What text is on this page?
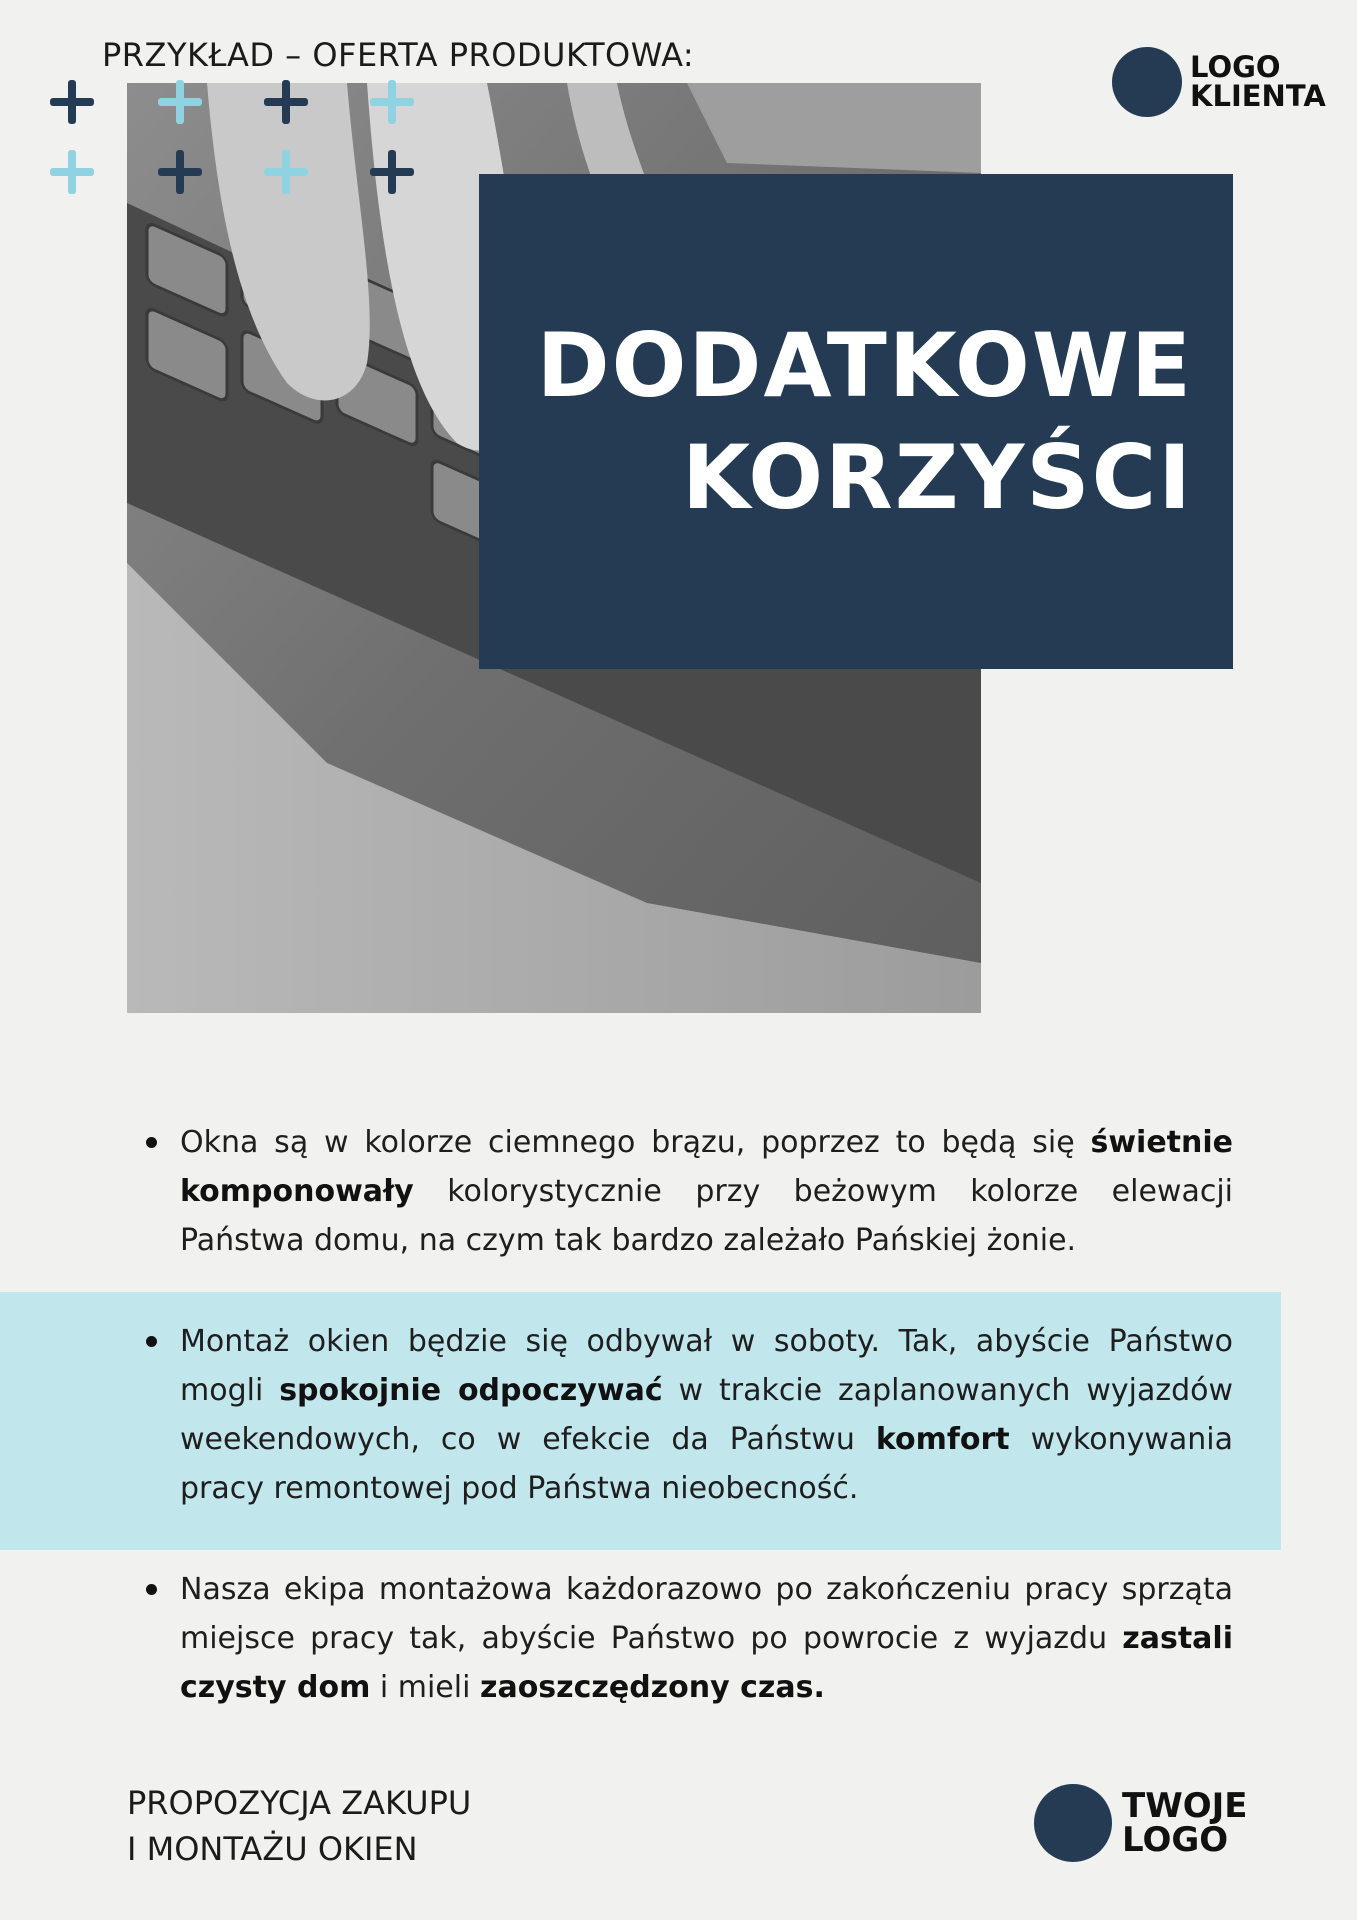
PRZYKŁAD – OFERTA PRODUKTOWA:	LOGO
KLIENTA
DODATKOWE
KORZYŚCI

Okna są w kolorze ciemnego brązu, poprzez to będą się świetnie komponowały kolorystycznie przy beżowym kolorze elewacji Państwa domu, na czym tak bardzo zależało Pańskiej żonie.

Montaż okien będzie się odbywał w soboty. Tak, abyście Państwo mogli spokojnie odpoczywać w trakcie zaplanowanych wyjazdów weekendowych, co w efekcie da Państwu komfort wykonywania pracy remontowej pod Państwa nieobecność.

Nasza ekipa montażowa każdorazowo po zakończeniu pracy sprząta miejsce pracy tak, abyście Państwo po powrocie z wyjazdu zastali czysty dom i mieli zaoszczędzony czas.

PROPOZYCJA ZAKUPU
I MONTAŻU OKIEN
TWOJE
LOGO
